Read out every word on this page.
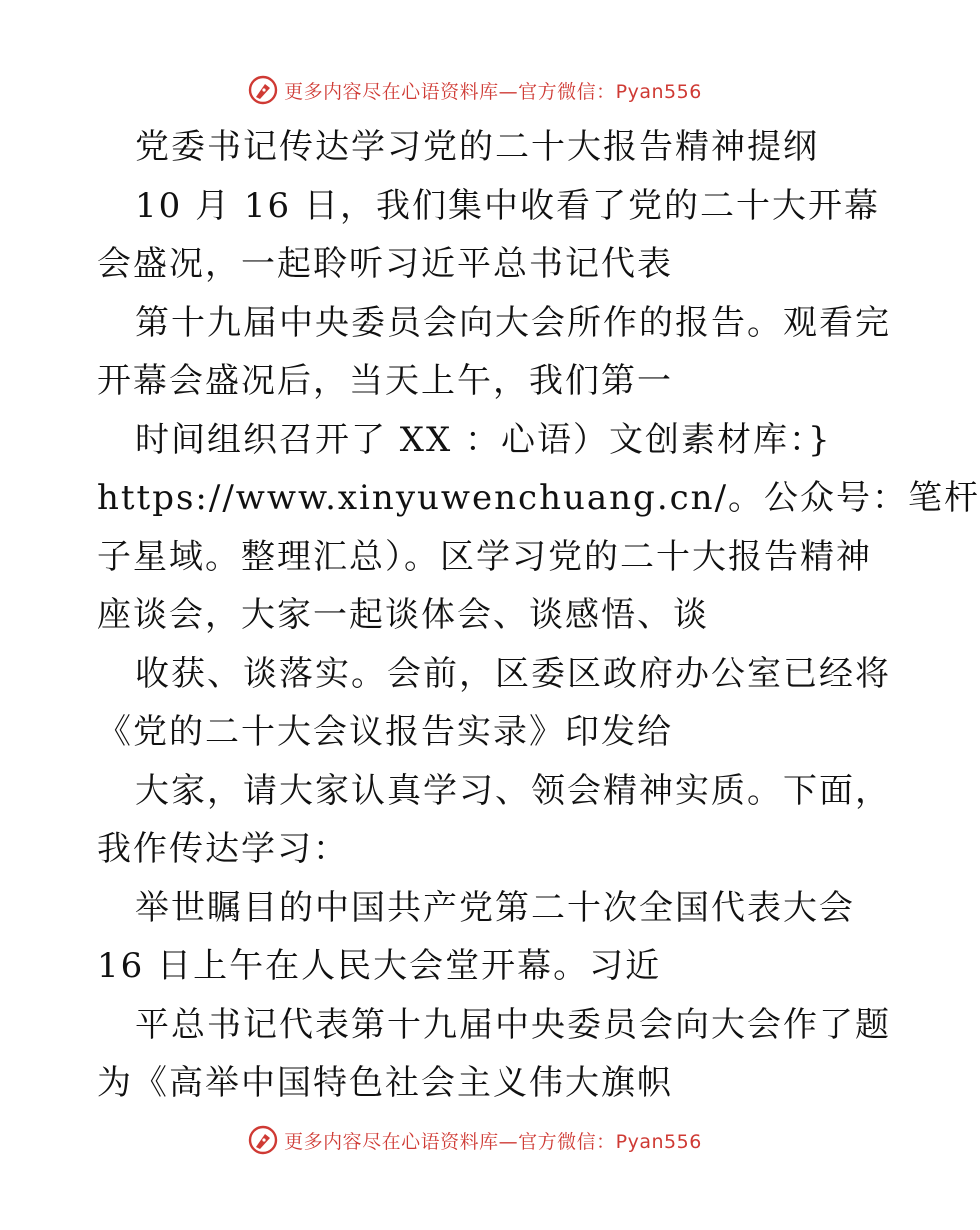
更多内容尽在心语资料库—官方微信：Pyan556
党委书记传达学习党的二十大报告精神提纲
10 月 16 日，我们集中收看了党的二十大开幕
会盛况，一起聆听习近平总书记代表
第十九届中央委员会向大会所作的报告。观看完
开幕会盛况后，当天上午，我们第一
时间组织召开了 XX ：心语）文创素材库：}
https://www.xinyuwenchuang.cn/。公众号：笔杆
子星域。整理汇总）。区学习党的二十大报告精神
座谈会，大家一起谈体会、谈感悟、谈
收获、谈落实。会前，区委区政府办公室已经将
《党的二十大会议报告实录》印发给
大家，请大家认真学习、领会精神实质。下面，
我作传达学习：
举世瞩目的中国共产党第二十次全国代表大会
16 日上午在人民大会堂开幕。习近
平总书记代表第十九届中央委员会向大会作了题
为《高举中国特色社会主义伟大旗帜
更多内容尽在心语资料库—官方微信：Pyan556
